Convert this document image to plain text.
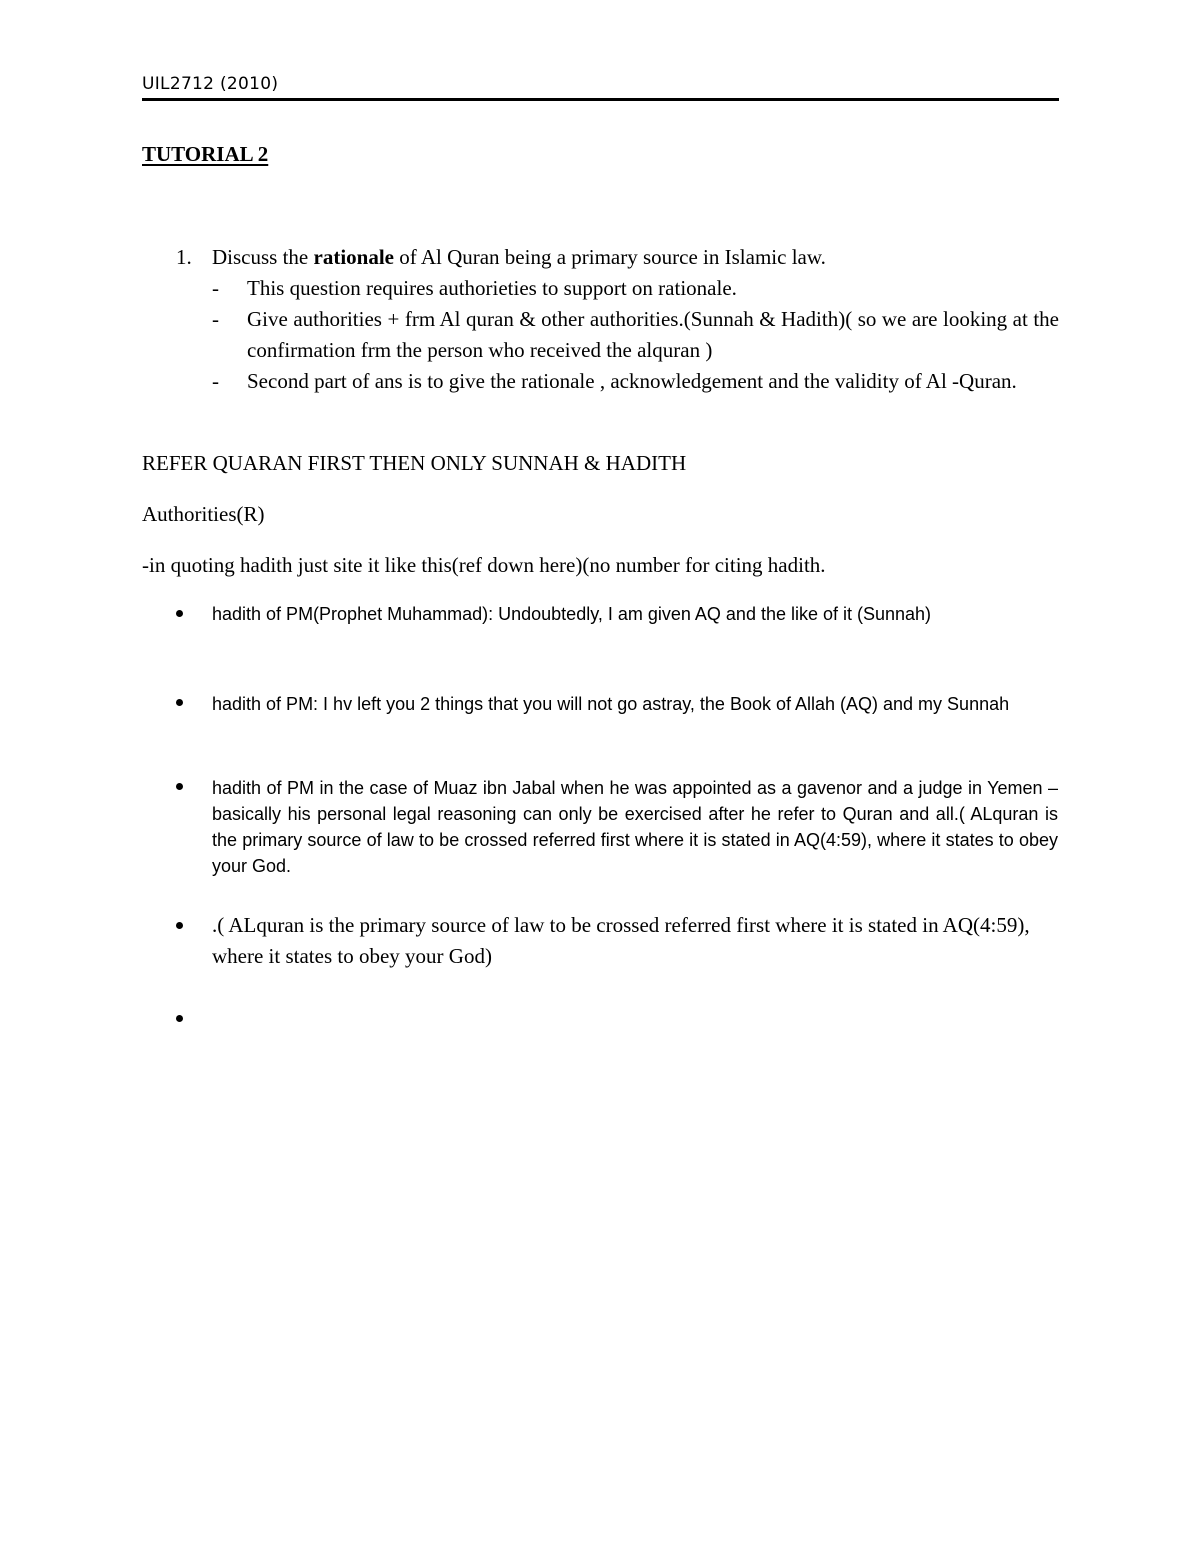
UIL2712 (2010)
TUTORIAL 2
1. Discuss the rationale of Al Quran being a primary source in Islamic law.
- This question requires authorieties to support on rationale.
- Give authorities + frm Al quran & other authorities.(Sunnah & Hadith)( so we are looking at the confirmation frm the person who received the alquran )
- Second part of ans is to give the rationale , acknowledgement and the validity of Al -Quran.
REFER QUARAN FIRST THEN ONLY SUNNAH & HADITH
Authorities(R)
-in quoting hadith just site it like this(ref down here)(no number for citing hadith.
hadith of PM(Prophet Muhammad): Undoubtedly, I am given AQ and the like of it (Sunnah)
hadith of PM: I hv left you 2 things that you will not go astray, the Book of Allah (AQ) and my Sunnah
hadith of PM in the case of Muaz ibn Jabal when he was appointed as a gavenor and a judge in Yemen – basically his personal legal reasoning can only be exercised after he refer to Quran and all.( ALquran is the primary source of law to be crossed referred first where it is stated in AQ(4:59), where it states to obey your God.
.( ALquran is the primary source of law to be crossed referred first where it is stated in AQ(4:59), where it states to obey your God)
